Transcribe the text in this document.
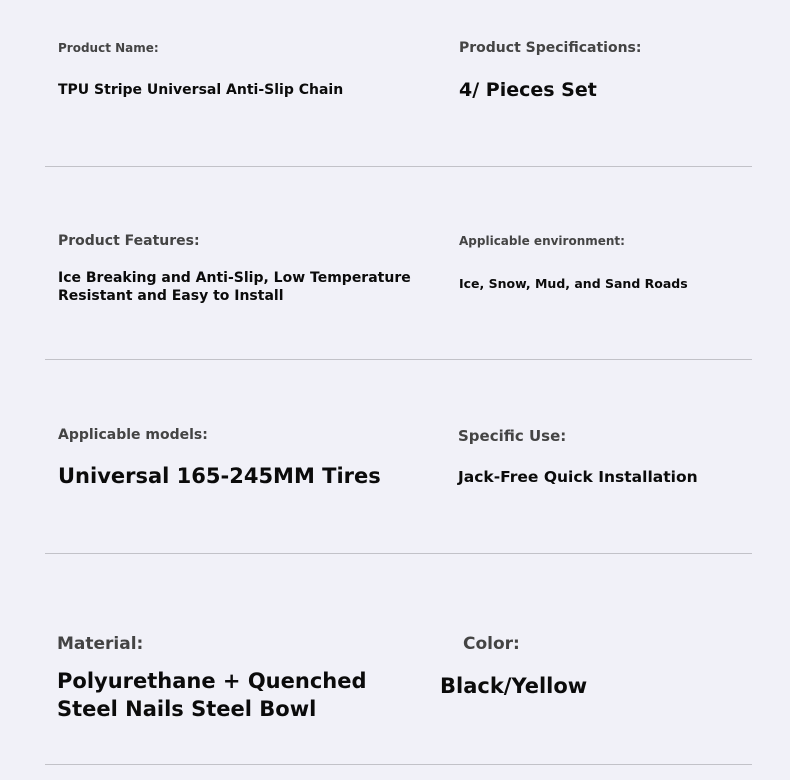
Product Name:
TPU Stripe Universal Anti-Slip Chain
Product Specifications:
4/ Pieces Set
Product Features:
Ice Breaking and Anti-Slip, Low Temperature
Resistant and Easy to Install
Applicable environment:
Ice, Snow, Mud, and Sand Roads
Applicable models:
Universal 165-245MM Tires
Specific Use:
Jack-Free Quick Installation
Material:
Polyurethane + Quenched
Steel Nails Steel Bowl
Color:
Black/Yellow
